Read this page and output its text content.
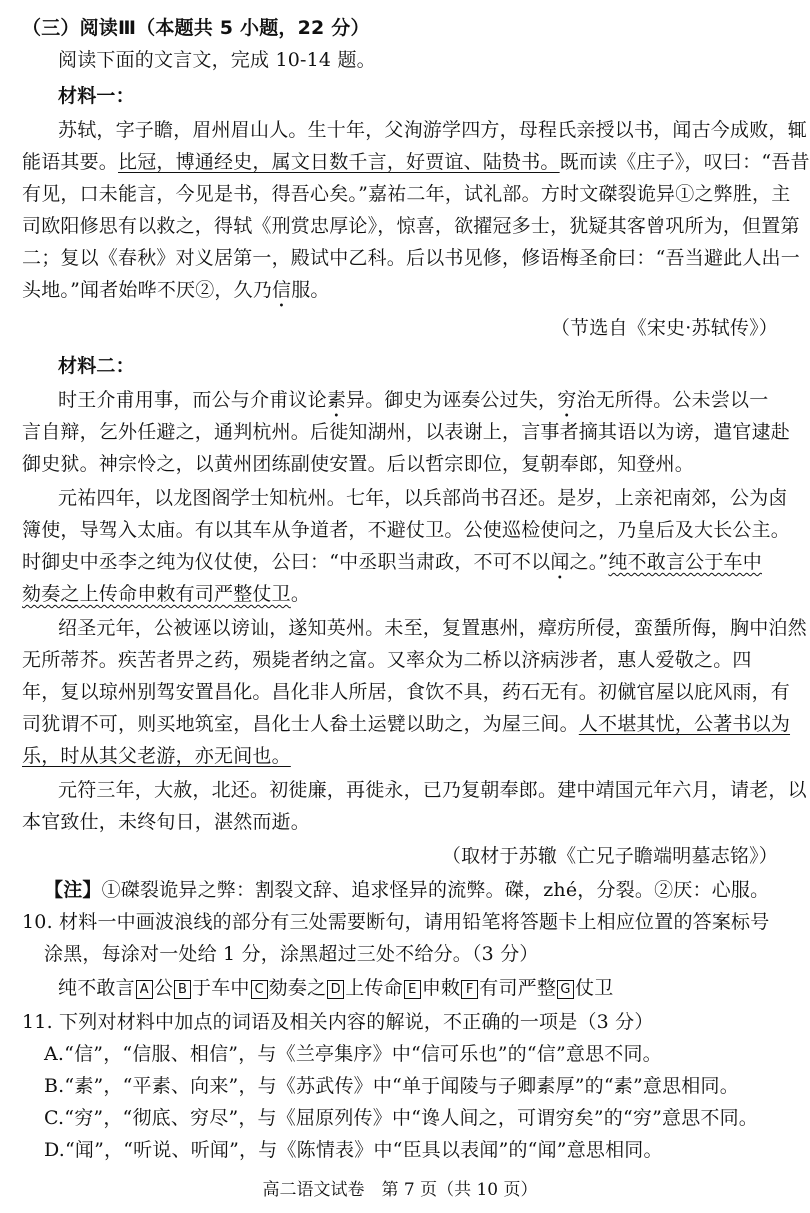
（三）阅读Ⅲ（本题共 5 小题，22 分）
阅读下面的文言文，完成 10-14 题。
材料一：
苏轼，字子瞻，眉州眉山人。生十年，父洵游学四方，母程氏亲授以书，闻古今成败，辄
能语其要。比冠，博通经史，属文日数千言，好贾谊、陆贽书。既而读《庄子》，叹曰：“吾昔
有见，口未能言，今见是书，得吾心矣。”嘉祐二年，试礼部。方时文磔裂诡异①之弊胜，主
司欧阳修思有以救之，得轼《刑赏忠厚论》，惊喜，欲擢冠多士，犹疑其客曾巩所为，但置第
二；复以《春秋》对义居第一，殿试中乙科。后以书见修，修语梅圣俞曰：“吾当避此人出一
头地。”闻者始哗不厌②，久乃信服。
（节选自《宋史·苏轼传》）
材料二：
时王介甫用事，而公与介甫议论素异。御史为诬奏公过失，穷治无所得。公未尝以一
言自辩，乞外任避之，通判杭州。后徙知湖州，以表谢上，言事者摘其语以为谤，遣官逮赴
御史狱。神宗怜之，以黄州团练副使安置。后以哲宗即位，复朝奉郎，知登州。
元祐四年，以龙图阁学士知杭州。七年，以兵部尚书召还。是岁，上亲祀南郊，公为卤
簿使，导驾入太庙。有以其车从争道者，不避仗卫。公使巡检使问之，乃皇后及大长公主。
时御史中丞李之纯为仪仗使，公曰：“中丞职当肃政，不可不以闻之。”纯不敢言公于车中
劾奏之上传命申敕有司严整仗卫。
绍圣元年，公被诬以谤讪，遂知英州。未至，复置惠州，瘴疠所侵，蛮蜑所侮，胸中泊然
无所蒂芥。疾苦者畀之药，殒毙者纳之富。又率众为二桥以济病涉者，惠人爱敬之。四
年，复以琼州别驾安置昌化。昌化非人所居，食饮不具，药石无有。初僦官屋以庇风雨，有
司犹谓不可，则买地筑室，昌化士人畚土运甓以助之，为屋三间。人不堪其忧，公著书以为
乐，时从其父老游，亦无间也。
元符三年，大赦，北还。初徙廉，再徙永，已乃复朝奉郎。建中靖国元年六月，请老，以
本官致仕，未终旬日，湛然而逝。
（取材于苏辙《亡兄子瞻端明墓志铭》）
【注】①磔裂诡异之弊：割裂文辞、追求怪异的流弊。磔，zhé，分裂。②厌：心服。
10. 材料一中画波浪线的部分有三处需要断句，请用铅笔将答题卡上相应位置的答案标号
涂黑，每涂对一处给 1 分，涂黑超过三处不给分。（3 分）
纯不敢言 A 公 B 于车中 C 劾奏之 D 上传命 E 申敕 F 有司严整 G 仗卫
11. 下列对材料中加点的词语及相关内容的解说，不正确的一项是（3 分）
A.“信”，“信服、相信”，与《兰亭集序》中“信可乐也”的“信”意思不同。
B.“素”，“平素、向来”，与《苏武传》中“单于闻陵与子卿素厚”的“素”意思相同。
C.“穷”，“彻底、穷尽”，与《屈原列传》中“谗人间之，可谓穷矣”的“穷”意思不同。
D.“闻”，“听说、听闻”，与《陈情表》中“臣具以表闻”的“闻”意思相同。
高二语文试卷　第 7 页（共 10 页）
